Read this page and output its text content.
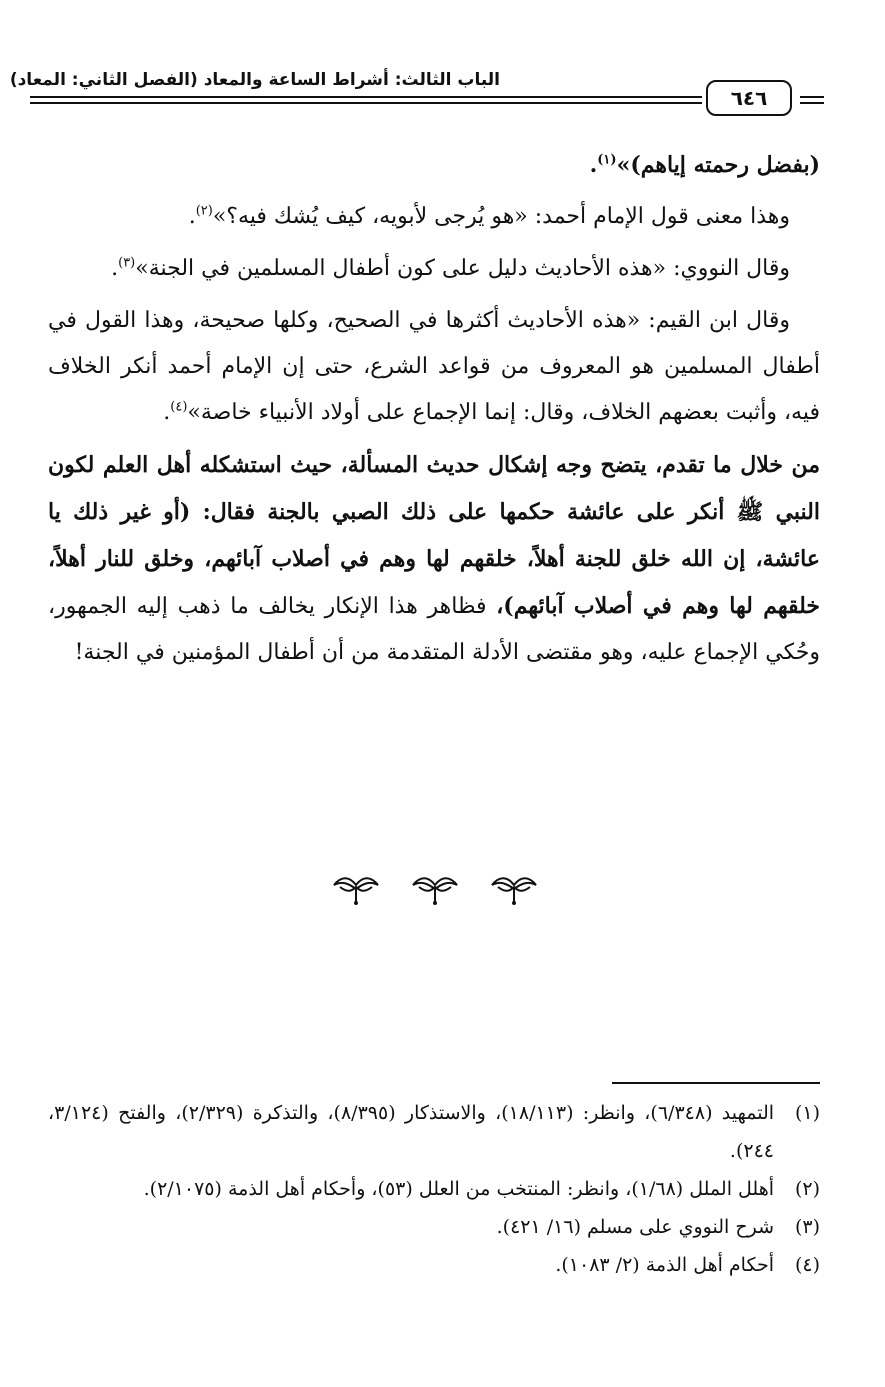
الباب الثالث: أشراط الساعة والمعاد (الفصل الثاني: المعاد)
٦٤٦

(بفضل رحمته إياهم)»$^{(١)}$.

وهذا معنى قول الإمام أحمد: «هو يُرجى لأبويه، كيف يُشك فيه؟»$^{(٢)}$.

وقال النووي: «هذه الأحاديث دليل على كون أطفال المسلمين في الجنة»$^{(٣)}$.

وقال ابن القيم: «هذه الأحاديث أكثرها في الصحيح، وكلها صحيحة، وهذا القول في أطفال المسلمين هو المعروف من قواعد الشرع، حتى إن الإمام أحمد أنكر الخلاف فيه، وأثبت بعضهم الخلاف، وقال: إنما الإجماع على أولاد الأنبياء خاصة»$^{(٤)}$.

من خلال ما تقدم، يتضح وجه إشكال حديث المسألة، حيث استشكله أهل العلم لكون النبي ﷺ أنكر على عائشة حكمها على ذلك الصبي بالجنة فقال: (أو غير ذلك يا عائشة، إن الله خلق للجنة أهلاً، خلقهم لها وهم في أصلاب آبائهم، وخلق للنار أهلاً، خلقهم لها وهم في أصلاب آبائهم)، فظاهر هذا الإنكار يخالف ما ذهب إليه الجمهور، وحُكي الإجماع عليه، وهو مقتضى الأدلة المتقدمة من أن أطفال المؤمنين في الجنة!

(١)
التمهيد (٦/٣٤٨)، وانظر: (١٨/١١٣)، والاستذكار (٨/٣٩٥)، والتذكرة (٢/٣٢٩)، والفتح (٣/١٢٤، ٢٤٤).

(٢)
أهلل الملل (١/٦٨)، وانظر: المنتخب من العلل (٥٣)، وأحكام أهل الذمة (٢/١٠٧٥).

(٣)
شرح النووي على مسلم (١٦/ ٤٢١).

(٤)
أحكام أهل الذمة (٢/ ١٠٨٣).
